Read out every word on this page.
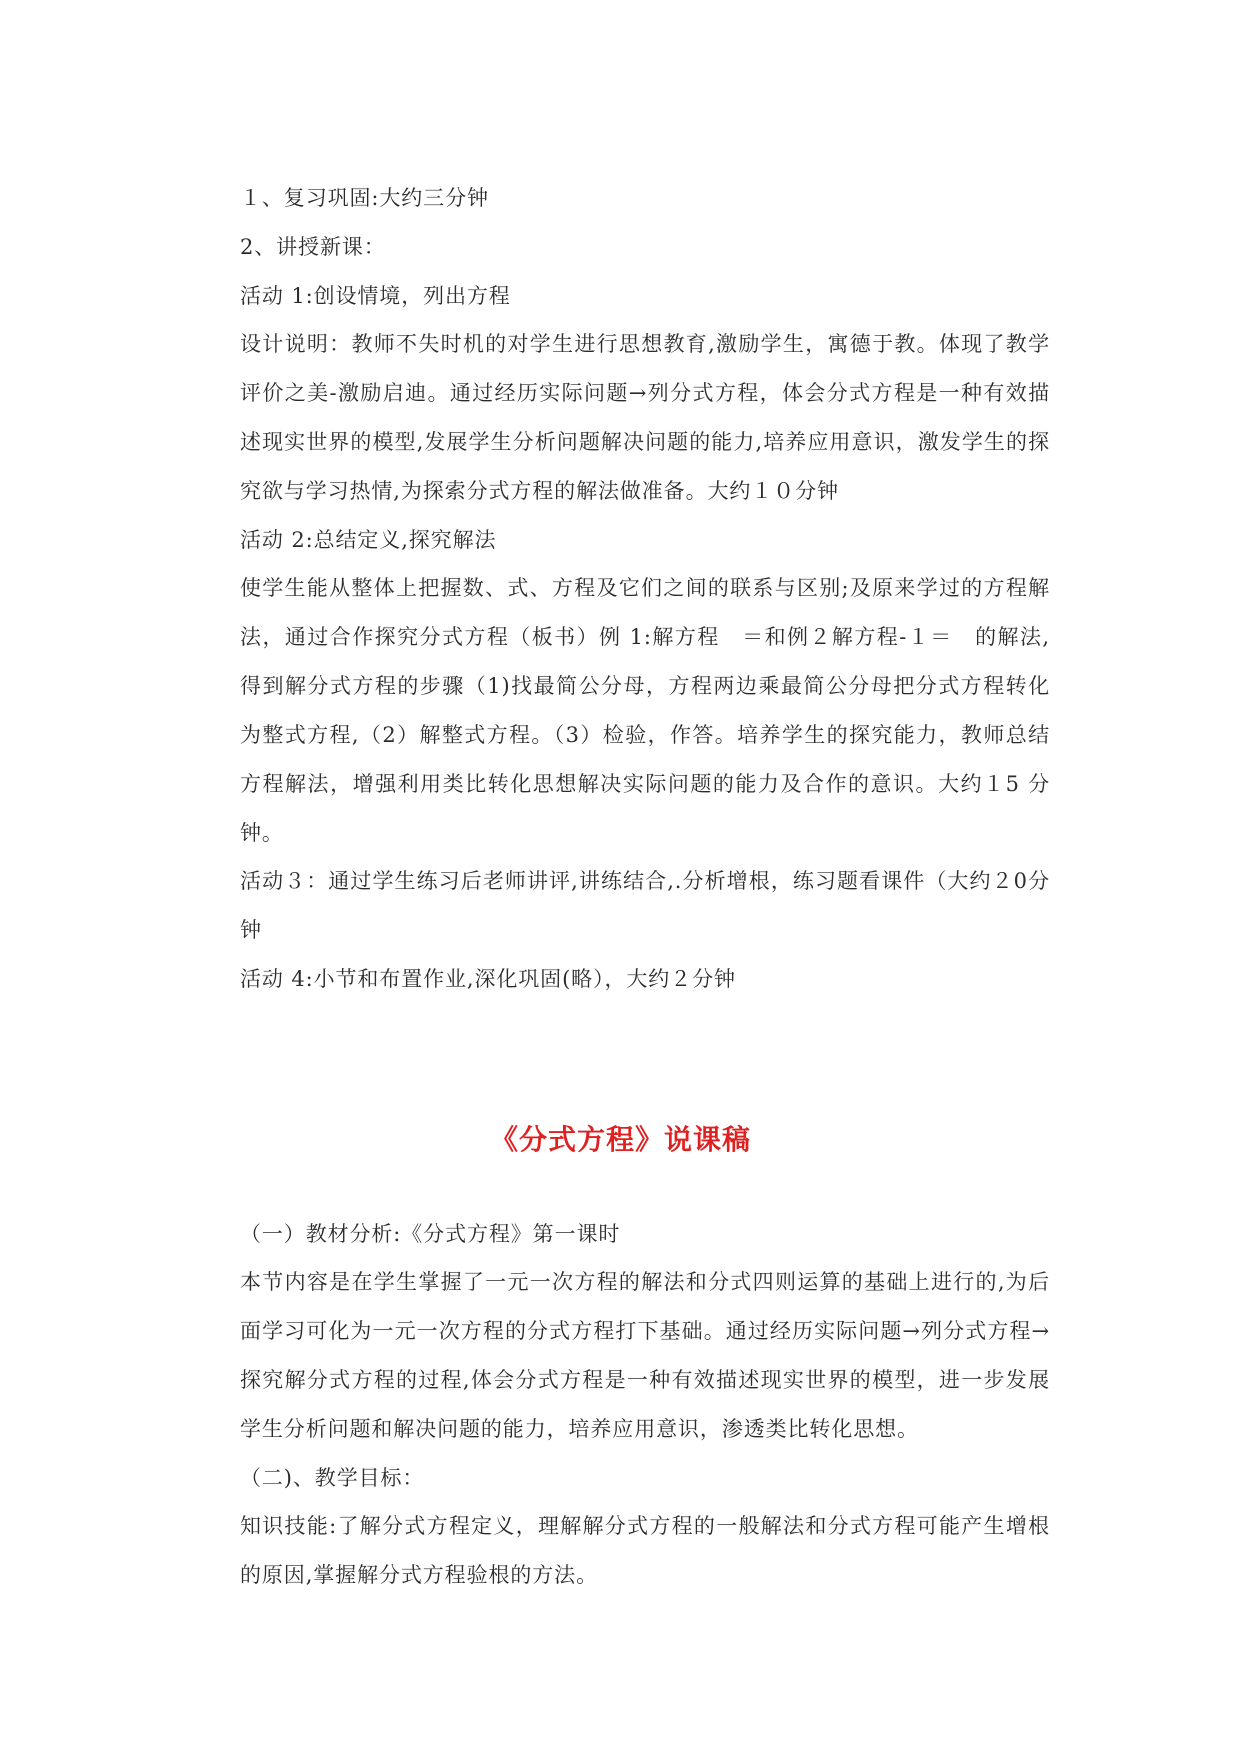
１、复习巩固:大约三分钟
2、讲授新课：
活动 1:创设情境，列出方程
设计说明：教师不失时机的对学生进行思想教育,激励学生，寓德于教。体现了教学评价之美-激励启迪。通过经历实际问题→列分式方程，体会分式方程是一种有效描述现实世界的模型,发展学生分析问题解决问题的能力,培养应用意识，激发学生的探究欲与学习热情,为探索分式方程的解法做准备。大约１０分钟
活动 2:总结定义,探究解法
使学生能从整体上把握数、式、方程及它们之间的联系与区别;及原来学过的方程解法，通过合作探究分式方程（板书）例 1:解方程　＝和例２解方程-１＝　的解法,得到解分式方程的步骤（1)找最简公分母，方程两边乘最简公分母把分式方程转化为整式方程,（2）解整式方程。（3）检验，作答。培养学生的探究能力，教师总结方程解法，增强利用类比转化思想解决实际问题的能力及合作的意识。大约１5 分钟。
活动３：通过学生练习后老师讲评,讲练结合,.分析增根，练习题看课件（大约２0分钟
活动 4:小节和布置作业,深化巩固(略），大约２分钟
《分式方程》说课稿
（一）教材分析:《分式方程》第一课时
本节内容是在学生掌握了一元一次方程的解法和分式四则运算的基础上进行的,为后面学习可化为一元一次方程的分式方程打下基础。通过经历实际问题→列分式方程→探究解分式方程的过程,体会分式方程是一种有效描述现实世界的模型，进一步发展学生分析问题和解决问题的能力，培养应用意识，渗透类比转化思想。
（二)、教学目标：
知识技能:了解分式方程定义，理解解分式方程的一般解法和分式方程可能产生增根的原因,掌握解分式方程验根的方法。
